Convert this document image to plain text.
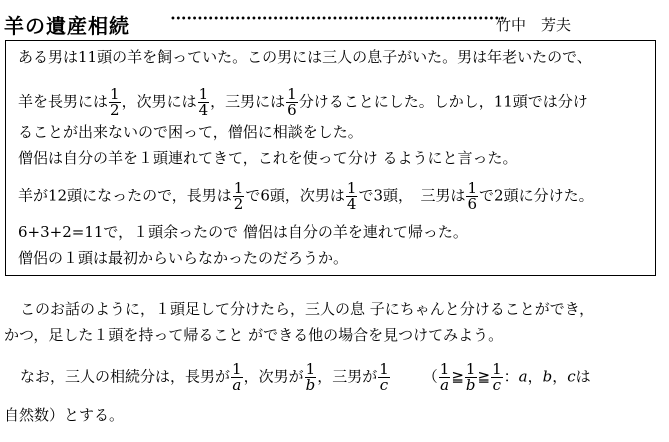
羊の遺産相続	••••••••••••••••••••••••••••••••••••••••••••••••••••••••••••••
竹中　芳夫
ある男は11頭の羊を飼っていた。この男には三人の息子がいた。男は年老いたので、
羊を長男には $\frac{1}{2}$ ，次男には $\frac{1}{4}$ ，三男には $\frac{1}{6}$ 分けることにした。しかし，11頭では分け
ることが出来ないので困って，僧侶に相談をした。
僧侶は自分の羊を１頭連れてきて，これを使って分け るようにと言った。
羊が12頭になったので，長男は $\frac{1}{2}$ で6頭，次男は $\frac{1}{4}$ で3頭，　三男は $\frac{1}{6}$ で2頭に分けた。
6+3+2=11で，１頭余ったので 僧侶は自分の羊を連れて帰った。
僧侶の１頭は最初からいらなかったのだろうか。
このお話のように，１頭足して分けたら，三人の息 子にちゃんと分けることができ，
かつ，足した１頭を持って帰ること ができる他の場合を見つけてみよう。
なお，三人の相続分は，長男が $\frac{1}{a}$ ，次男が $\frac{1}{b}$ ，三男が $\frac{1}{c}$ （ $\frac{1}{a}$ ≧ $\frac{1}{b}$ ≧ $\frac{1}{c}$ ：a，b，cは
自然数）とする。
